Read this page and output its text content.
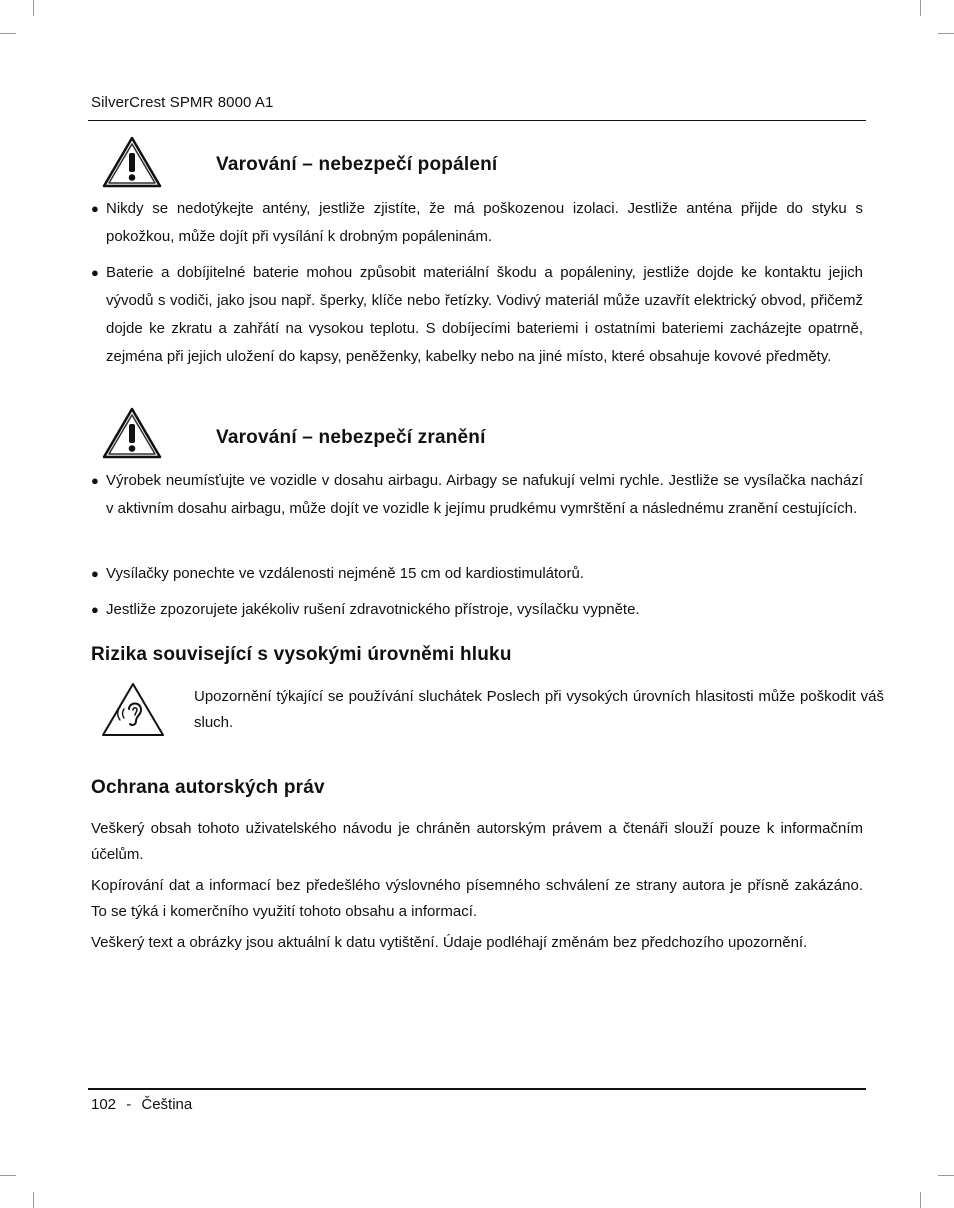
SilverCrest SPMR 8000 A1
Varování – nebezpečí popálení
● Nikdy se nedotýkejte antény, jestliže zjistíte, že má poškozenou izolaci. Jestliže anténa přijde do styku s pokožkou, může dojít při vysílání k drobným popáleninám.
● Baterie a dobíjitelné baterie mohou způsobit materiální škodu a popáleniny, jestliže dojde ke kontaktu jejich vývodů s vodiči, jako jsou např. šperky, klíče nebo řetízky. Vodivý materiál může uzavřít elektrický obvod, přičemž dojde ke zkratu a zahřátí na vysokou teplotu. S dobíjecími bateriemi i ostatními bateriemi zacházejte opatrně, zejména při jejich uložení do kapsy, peněženky, kabelky nebo na jiné místo, které obsahuje kovové předměty.
Varování – nebezpečí zranění
● Výrobek neumísťujte ve vozidle v dosahu airbagu. Airbagy se nafukují velmi rychle. Jestliže se vysílačka nachází v aktivním dosahu airbagu, může dojít ve vozidle k jejímu prudkému vymrštění a následnému zranění cestujících.
● Vysílačky ponechte ve vzdálenosti nejméně 15 cm od kardiostimulátorů.
● Jestliže zpozorujete jakékoliv rušení zdravotnického přístroje, vysílačku vypněte.
Rizika související s vysokými úrovněmi hluku
Upozornění týkající se používání sluchátek Poslech při vysokých úrovních hlasitosti může poškodit váš sluch.
Ochrana autorských práv
Veškerý obsah tohoto uživatelského návodu je chráněn autorským právem a čtenáři slouží pouze k informačním účelům.
Kopírování dat a informací bez předešlého výslovného písemného schválení ze strany autora je přísně zakázáno. To se týká i komerčního využití tohoto obsahu a informací.
Veškerý text a obrázky jsou aktuální k datu vytištění. Údaje podléhají změnám bez předchozího upozornění.
102 - Čeština
